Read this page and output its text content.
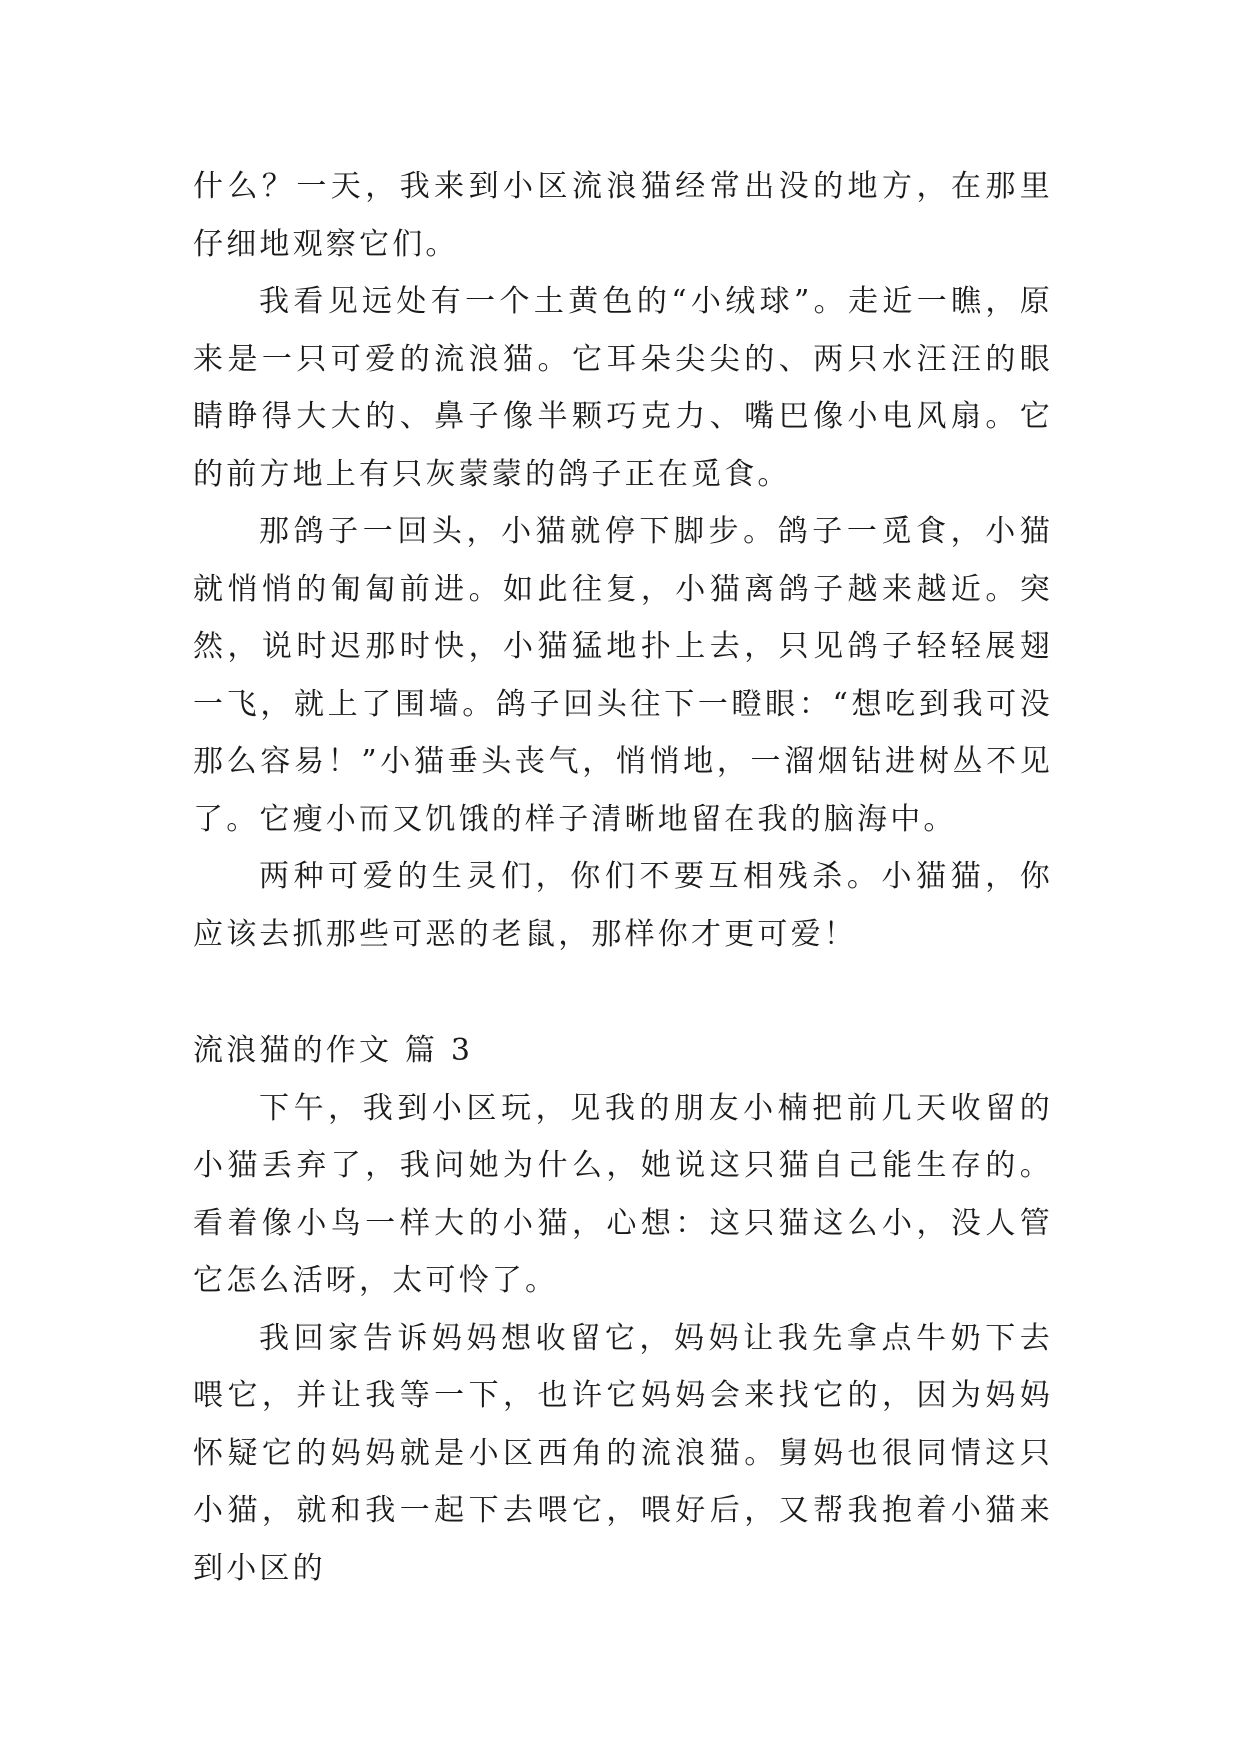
什么？一天，我来到小区流浪猫经常出没的地方，在那里仔细地观察它们。

我看见远处有一个土黄色的“小绒球”。走近一瞧，原来是一只可爱的流浪猫。它耳朵尖尖的、两只水汪汪的眼睛睁得大大的、鼻子像半颗巧克力、嘴巴像小电风扇。它的前方地上有只灰蒙蒙的鸽子正在觅食。

那鸽子一回头，小猫就停下脚步。鸽子一觅食，小猫就悄悄的匍匐前进。如此往复，小猫离鸽子越来越近。突然，说时迟那时快，小猫猛地扑上去，只见鸽子轻轻展翅一飞，就上了围墙。鸽子回头往下一瞪眼：“想吃到我可没那么容易！”小猫垂头丧气，悄悄地，一溜烟钻进树丛不见了。它瘦小而又饥饿的样子清晰地留在我的脑海中。

两种可爱的生灵们，你们不要互相残杀。小猫猫，你应该去抓那些可恶的老鼠，那样你才更可爱！

流浪猫的作文 篇 3

下午，我到小区玩，见我的朋友小楠把前几天收留的小猫丢弃了，我问她为什么，她说这只猫自己能生存的。看着像小鸟一样大的小猫，心想：这只猫这么小，没人管它怎么活呀，太可怜了。

我回家告诉妈妈想收留它，妈妈让我先拿点牛奶下去喂它，并让我等一下，也许它妈妈会来找它的，因为妈妈怀疑它的妈妈就是小区西角的流浪猫。舅妈也很同情这只小猫，就和我一起下去喂它，喂好后，又帮我抱着小猫来到小区的
